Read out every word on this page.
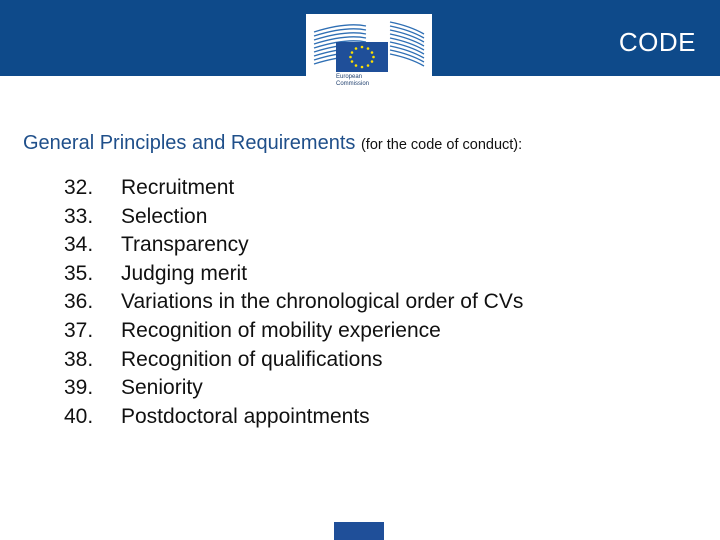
European
Commission
CODE
General Principles and Requirements (for the code of conduct):
32. Recruitment
33. Selection
34. Transparency
35. Judging merit
36. Variations in the chronological order of CVs
37. Recognition of mobility experience
38. Recognition of qualifications
39. Seniority
40. Postdoctoral appointments
